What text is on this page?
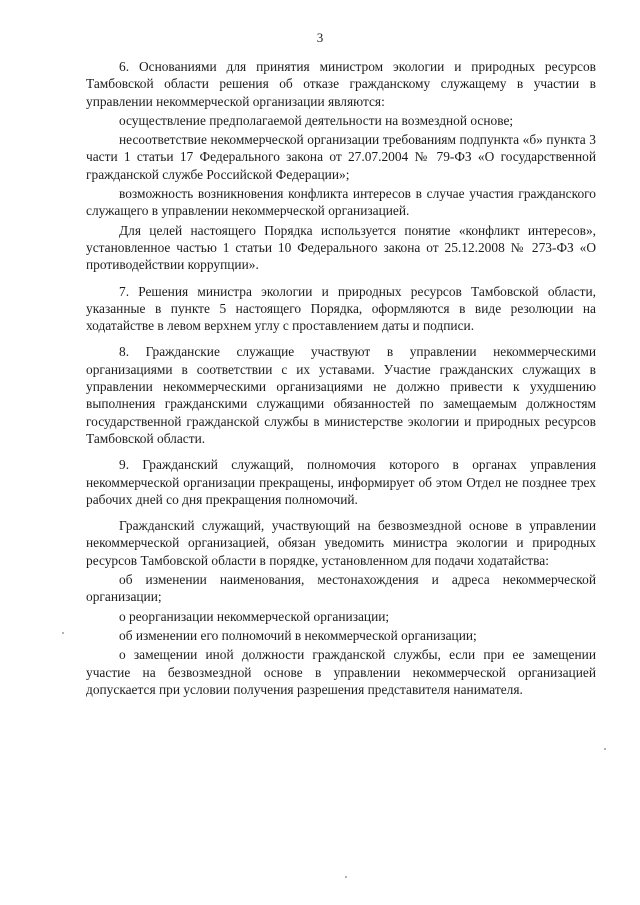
3

6. Основаниями для принятия министром экологии и природных ресурсов Тамбовской области решения об отказе гражданскому служащему в участии в управлении некоммерческой организации являются:

осуществление предполагаемой деятельности на возмездной основе;

несоответствие некоммерческой организации требованиям подпункта «б» пункта 3 части 1 статьи 17 Федерального закона от 27.07.2004 № 79-ФЗ «О государственной гражданской службе Российской Федерации»;

возможность возникновения конфликта интересов в случае участия гражданского служащего в управлении некоммерческой организацией.

Для целей настоящего Порядка используется понятие «конфликт интересов», установленное частью 1 статьи 10 Федерального закона от 25.12.2008 № 273-ФЗ «О противодействии коррупции».

7. Решения министра экологии и природных ресурсов Тамбовской области, указанные в пункте 5 настоящего Порядка, оформляются в виде резолюции на ходатайстве в левом верхнем углу с проставлением даты и подписи.

8. Гражданские служащие участвуют в управлении некоммерческими организациями в соответствии с их уставами. Участие гражданских служащих в управлении некоммерческими организациями не должно привести к ухудшению выполнения гражданскими служащими обязанностей по замещаемым должностям государственной гражданской службы в министерстве экологии и природных ресурсов Тамбовской области.

9. Гражданский служащий, полномочия которого в органах управления некоммерческой организации прекращены, информирует об этом Отдел не позднее трех рабочих дней со дня прекращения полномочий.

Гражданский служащий, участвующий на безвозмездной основе в управлении некоммерческой организацией, обязан уведомить министра экологии и природных ресурсов Тамбовской области в порядке, установленном для подачи ходатайства:

об изменении наименования, местонахождения и адреса некоммерческой организации;

о реорганизации некоммерческой организации;

об изменении его полномочий в некоммерческой организации;

о замещении иной должности гражданской службы, если при ее замещении участие на безвозмездной основе в управлении некоммерческой организацией допускается при условии получения разрешения представителя нанимателя.
